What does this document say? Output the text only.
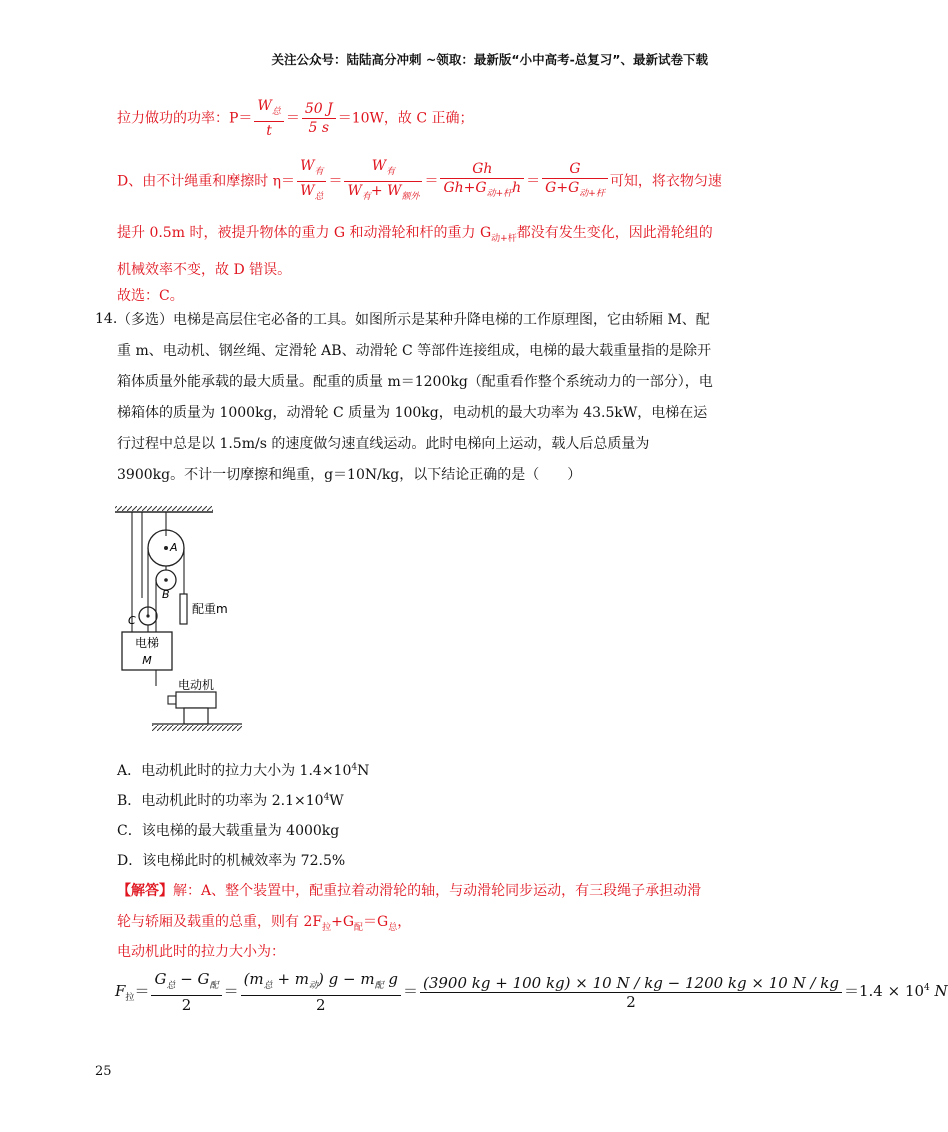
关注公众号：陆陆高分冲刺 ~领取：最新版“小中高考-总复习”、最新试卷下载
拉力做功的功率：$P= \frac{W_总}{t} = \frac{50 J}{5 s} =10W$，故 C 正确；
D、由不计绳重和摩擦时 $\eta= \frac{W_有}{W_总} = \frac{W_有}{W_有+ W_{额外}} = \frac{Gh}{Gh+G_{动+杆}h} = \frac{G}{G+G_{动+杆}}$ 可知，将衣物匀速
提升 0.5m 时，被提升物体的重力 G 和动滑轮和杆的重力 $G_{动+杆}$都没有发生变化，因此滑轮组的机械效率不变，故 D 错误。
故选：C。
14. （多选）电梯是高层住宅必备的工具。如图所示是某种升降电梯的工作原理图，它由轿厢 M、配重 m、电动机、钢丝绳、定滑轮 AB、动滑轮 C 等部件连接组成，电梯的最大载重量指的是除开箱体质量外能承载的最大质量。配重的质量 m＝1200kg（配重看作整个系统动力的一部分），电梯箱体的质量为 1000kg，动滑轮 C 质量为 100kg，电动机的最大功率为 43.5kW，电梯在运行过程中总是以 1.5m/s 的速度做匀速直线运动。此时电梯向上运动，载人后总质量为 3900kg。不计一切摩擦和绳重，g＝10N/kg，以下结论正确的是（　　）
A
B
配重m
C
电梯
M
电动机
A．电动机此时的拉力大小为 $1.4\times 10^4N$
B．电动机此时的功率为 $2.1\times 10^4W$
C．该电梯的最大载重量为 4000kg
D．该电梯此时的机械效率为 72.5%
【解答】解：A、整个装置中，配重拉着动滑轮的轴，与动滑轮同步运动，有三段绳子承担动滑
轮与轿厢及载重的总重，则有 $2F_拉+G_配=G_总$，
电动机此时的拉力大小为：
$F_拉= \frac{G_总 - G_配}{2} = \frac{(m_总 + m_动) g - m_配 g}{2} = \frac{(3900 kg + 100 kg) \times 10 N / kg - 1200 kg \times 10 N / kg}{2} =1.4 \times 10^4$ N
25
